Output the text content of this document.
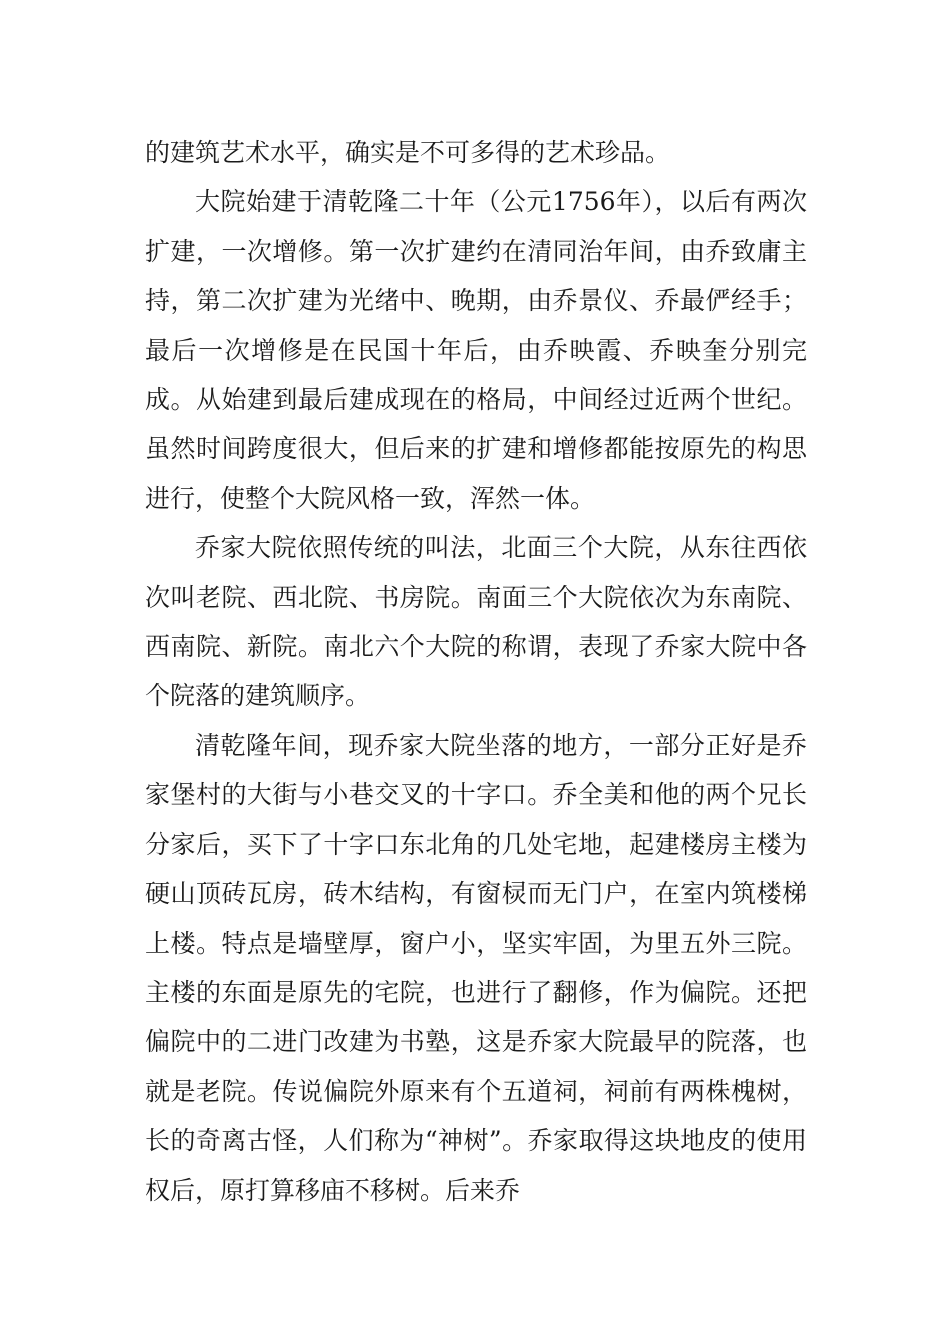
的建筑艺术水平，确实是不可多得的艺术珍品。

大院始建于清乾隆二十年（公元1756年），以后有两次扩建，一次增修。第一次扩建约在清同治年间，由乔致庸主持，第二次扩建为光绪中、晚期，由乔景仪、乔最俨经手；最后一次增修是在民国十年后，由乔映霞、乔映奎分别完成。从始建到最后建成现在的格局，中间经过近两个世纪。虽然时间跨度很大，但后来的扩建和增修都能按原先的构思进行，使整个大院风格一致，浑然一体。

乔家大院依照传统的叫法，北面三个大院，从东往西依次叫老院、西北院、书房院。南面三个大院依次为东南院、西南院、新院。南北六个大院的称谓，表现了乔家大院中各个院落的建筑顺序。

清乾隆年间，现乔家大院坐落的地方，一部分正好是乔家堡村的大街与小巷交叉的十字口。乔全美和他的两个兄长分家后，买下了十字口东北角的几处宅地，起建楼房主楼为硬山顶砖瓦房，砖木结构，有窗棂而无门户，在室内筑楼梯上楼。特点是墙壁厚，窗户小，坚实牢固，为里五外三院。主楼的东面是原先的宅院，也进行了翻修，作为偏院。还把偏院中的二进门改建为书塾，这是乔家大院最早的院落，也就是老院。传说偏院外原来有个五道祠，祠前有两株槐树，长的奇离古怪，人们称为“神树”。乔家取得这块地皮的使用权后，原打算移庙不移树。后来乔
